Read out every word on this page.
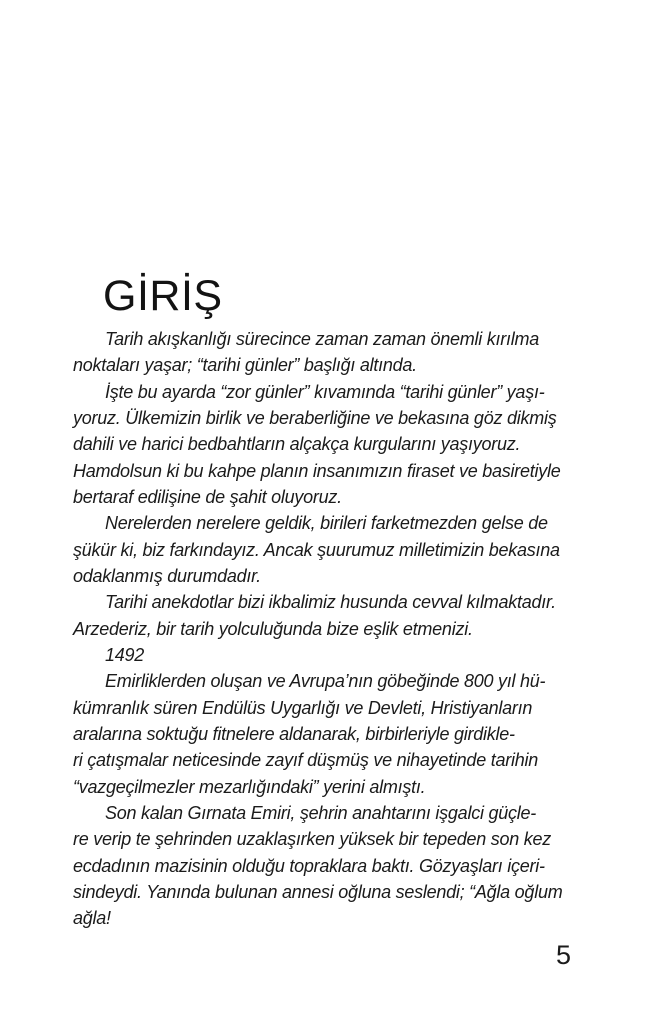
GİRİŞ
Tarih akışkanlığı sürecince zaman zaman önemli kırılma
noktaları yaşar; “tarihi günler” başlığı altında.
İşte bu ayarda “zor günler” kıvamında “tarihi günler” yaşı-
yoruz. Ülkemizin birlik ve beraberliğine ve bekasına göz dikmiş
dahili ve harici bedbahtların alçakça kurgularını yaşıyoruz.
Hamdolsun ki bu kahpe planın insanımızın firaset ve basiretiyle
bertaraf edilişine de şahit oluyoruz.
Nerelerden nerelere geldik, birileri farketmezden gelse de
şükür ki, biz farkındayız. Ancak şuurumuz milletimizin bekasına
odaklanmış durumdadır.
Tarihi anekdotlar bizi ikbalimiz husunda cevval kılmaktadır.
Arzederiz, bir tarih yolculuğunda bize eşlik etmenizi.
1492
Emirliklerden oluşan ve Avrupa’nın göbeğinde 800 yıl hü-
kümranlık süren Endülüs Uygarlığı ve Devleti, Hristiyanların
aralarına soktuğu fitnelere aldanarak, birbirleriyle girdikle-
ri çatışmalar neticesinde zayıf düşmüş ve nihayetinde tarihin
“vazgeçilmezler mezarlığındaki” yerini almıştı.
Son kalan Gırnata Emiri, şehrin anahtarını işgalci güçle-
re verip te şehrinden uzaklaşırken yüksek bir tepeden son kez
ecdadının mazisinin olduğu topraklara baktı. Gözyaşları içeri-
sindeydi. Yanında bulunan annesi oğluna seslendi; “Ağla oğlum
ağla!
5
